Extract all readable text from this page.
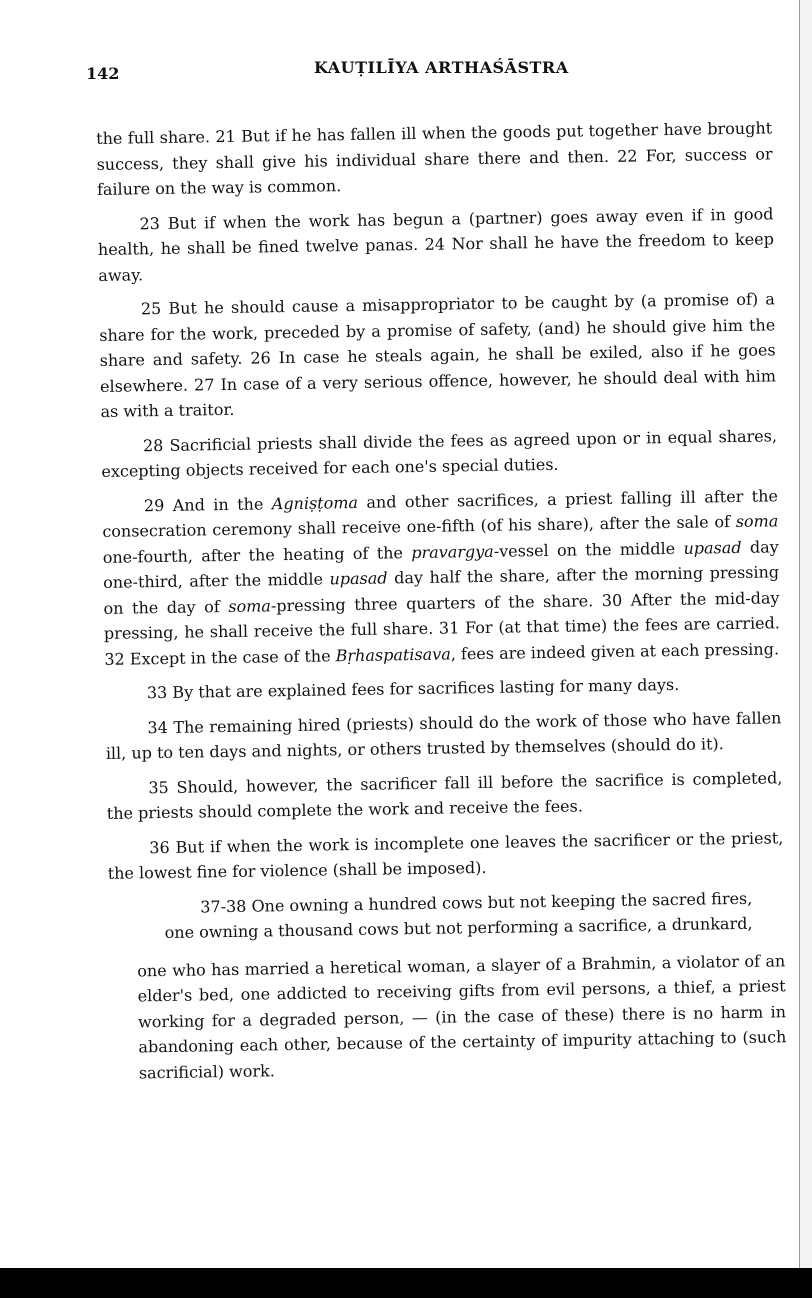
142	KAUṬILĪYA ARTHAŚĀSTRA

the full share. 21 But if he has fallen ill when the goods put together have brought success, they shall give his individual share there and then. 22 For, success or failure on the way is common.

23 But if when the work has begun a (partner) goes away even if in good health, he shall be fined twelve panas. 24 Nor shall he have the freedom to keep away.

25 But he should cause a misappropriator to be caught by (a promise of) a share for the work, preceded by a promise of safety, (and) he should give him the share and safety. 26 In case he steals again, he shall be exiled, also if he goes elsewhere. 27 In case of a very serious offence, however, he should deal with him as with a traitor.

28 Sacrificial priests shall divide the fees as agreed upon or in equal shares, excepting objects received for each one's special duties.

29 And in the Agniṣṭoma and other sacrifices, a priest falling ill after the consecration ceremony shall receive one-fifth (of his share), after the sale of soma one-fourth, after the heating of the pravargya-vessel on the middle upasad day one-third, after the middle upasad day half the share, after the morning pressing on the day of soma-pressing three quarters of the share. 30 After the mid-day pressing, he shall receive the full share. 31 For (at that time) the fees are carried. 32 Except in the case of the Bṛhaspatisava, fees are indeed given at each pressing.

33 By that are explained fees for sacrifices lasting for many days.

34 The remaining hired (priests) should do the work of those who have fallen ill, up to ten days and nights, or others trusted by themselves (should do it).

35 Should, however, the sacrificer fall ill before the sacrifice is completed, the priests should complete the work and receive the fees.

36 But if when the work is incomplete one leaves the sacrificer or the priest, the lowest fine for violence (shall be imposed).

37-38 One owning a hundred cows but not keeping the sacred fires,
one owning a thousand cows but not performing a sacrifice, a drunkard,

one who has married a heretical woman, a slayer of a Brahmin, a violator of an elder's bed, one addicted to receiving gifts from evil persons, a thief, a priest working for a degraded person, — (in the case of these) there is no harm in abandoning each other, because of the certainty of impurity attaching to (such sacrificial) work.
